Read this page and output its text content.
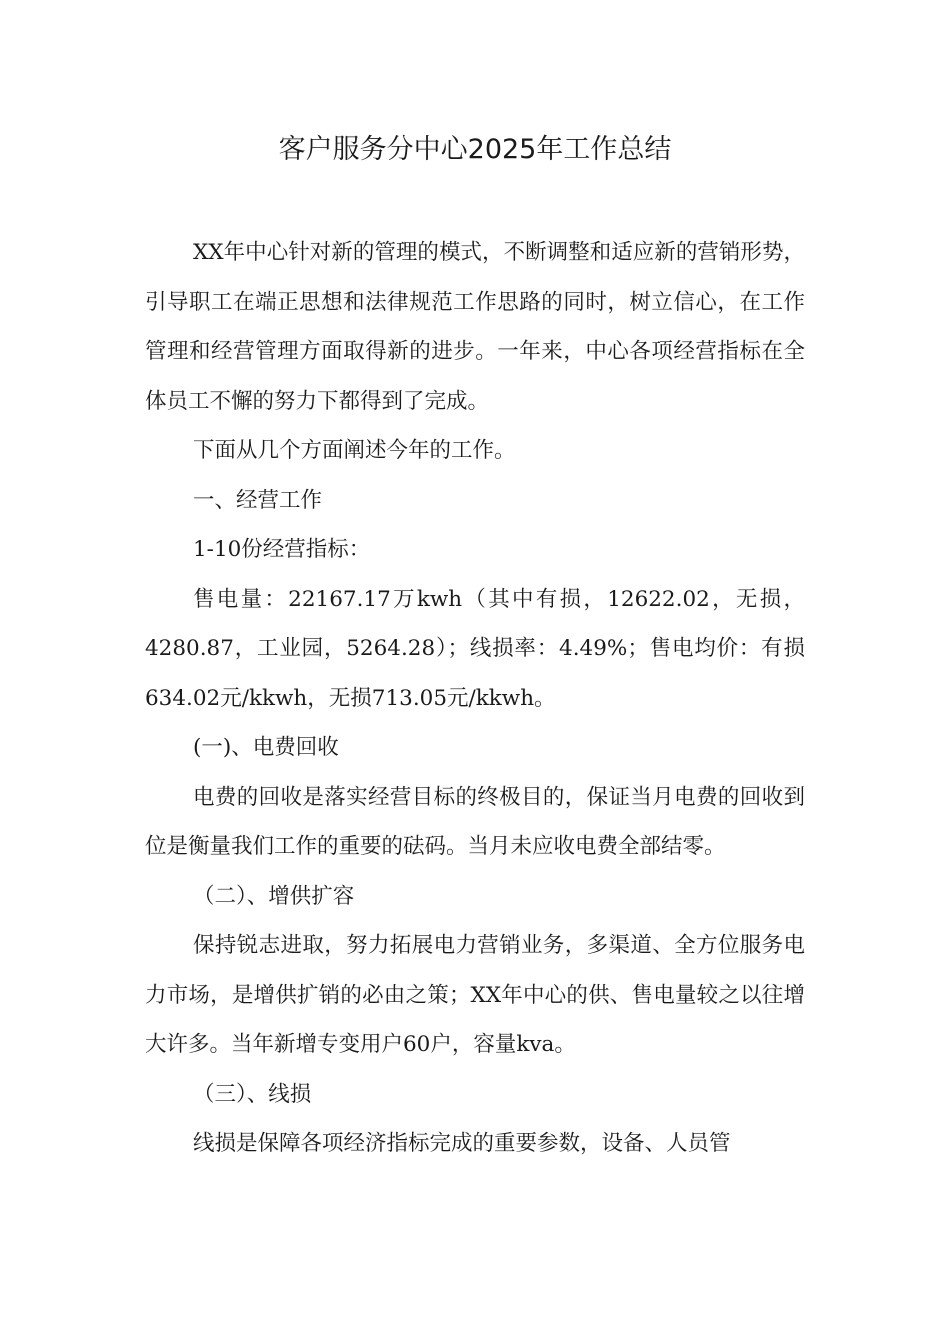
客户服务分中心2025年工作总结

XX年中心针对新的管理的模式，不断调整和适应新的营销形势，引导职工在端正思想和法律规范工作思路的同时，树立信心，在工作管理和经营管理方面取得新的进步。一年来，中心各项经营指标在全体员工不懈的努力下都得到了完成。

下面从几个方面阐述今年的工作。

一、经营工作

1-10份经营指标：

售电量：22167.17万kwh（其中有损，12622.02，无损，4280.87，工业园，5264.28）；线损率：4.49%；售电均价：有损634.02元/kkwh，无损713.05元/kkwh。

(一)、电费回收

电费的回收是落实经营目标的终极目的，保证当月电费的回收到位是衡量我们工作的重要的砝码。当月未应收电费全部结零。

（二）、增供扩容

保持锐志进取，努力拓展电力营销业务，多渠道、全方位服务电力市场，是增供扩销的必由之策；XX年中心的供、售电量较之以往增大许多。当年新增专变用户60户，容量kva。

（三）、线损

线损是保障各项经济指标完成的重要参数，设备、人员管
